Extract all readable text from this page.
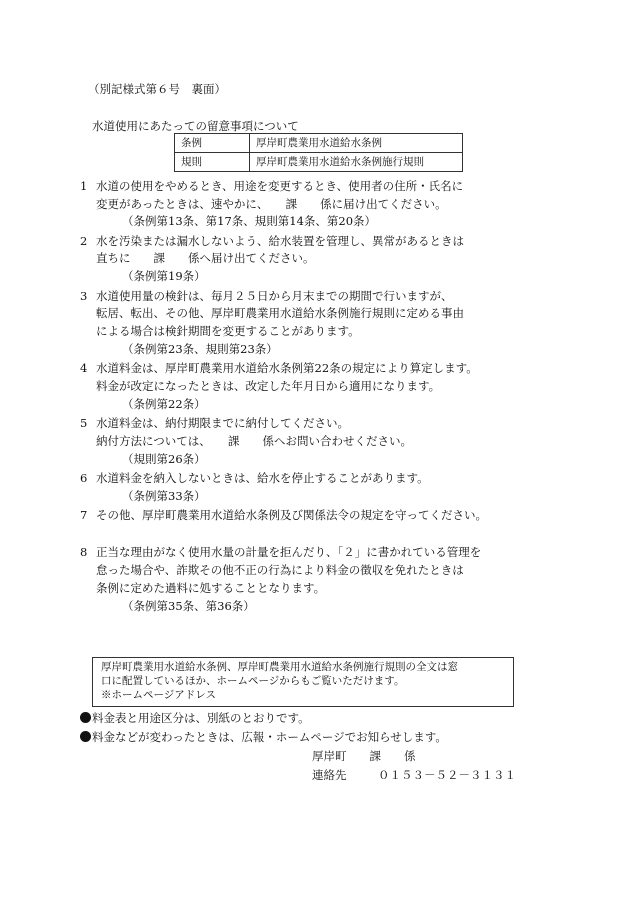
（別記様式第６号　裏面）
水道使用にあたっての留意事項について
条例	厚岸町農業用水道給水条例
規則	厚岸町農業用水道給水条例施行規則
1 水道の使用をやめるとき、用途を変更するとき、使用者の住所・氏名に
変更があったときは、速やかに、　　課　　係に届け出てください。
（条例第13条、第17条、規則第14条、第20条）
2 水を汚染または漏水しないよう、給水装置を管理し、異常があるときは
直ちに　　課　　係へ届け出てください。
（条例第19条）
3 水道使用量の検針は、毎月２５日から月末までの期間で行いますが、
転居、転出、その他、厚岸町農業用水道給水条例施行規則に定める事由
による場合は検針期間を変更することがあります。
（条例第23条、規則第23条）
4 水道料金は、厚岸町農業用水道給水条例第22条の規定により算定します。
料金が改定になったときは、改定した年月日から適用になります。
（条例第22条）
5 水道料金は、納付期限までに納付してください。
納付方法については、　　課　　係へお問い合わせください。
（規則第26条）
6 水道料金を納入しないときは、給水を停止することがあります。
（条例第33条）
7 その他、厚岸町農業用水道給水条例及び関係法令の規定を守ってください。
8 正当な理由がなく使用水量の計量を拒んだり、「２」に書かれている管理を
怠った場合や、詐欺その他不正の行為により料金の徴収を免れたときは
条例に定めた過料に処することとなります。
（条例第35条、第36条）
厚岸町農業用水道給水条例、厚岸町農業用水道給水条例施行規則の全文は窓
口に配置しているほか、ホームページからもご覧いただけます。
※ホームページアドレス
料金表と用途区分は、別紙のとおりです。
料金などが変わったときは、広報・ホームページでお知らせします。
厚岸町　　課　　係
連絡先	０１５３－５２－３１３１
